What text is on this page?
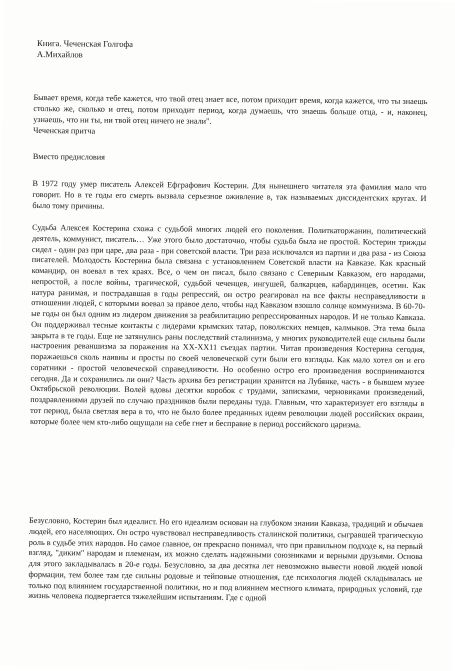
Книга. Чеченская Голгофа
А.Михайлов

Бывает время, когда тебе кажется, что твой отец знает все, потом приходит время, когда кажется, что ты знаешь столько же, сколько и отец, потом приходит период, когда думаешь, что знаешь больше отца, - и, наконец, узнаешь, что ни ты, ни твой отец ничего не знали".

Чеченская притча
Вместо предисловия

В 1972 году умер писатель Алексей Ефграфович Костерин. Для нынешнего читателя эта фамилия мало что говорит. Но в те годы его смерть вызвала серьезное оживление в, так называемых диссидентских кругах. И было тому причины.

Судьба Алексея Костерина схожа с судьбой многих людей его поколения. Политкаторжанин, политический деятель, коммунист, писатель… Уже этого было достаточно, чтобы судьба была не простой. Костерин трижды сидел - один раз при царе, два раза - при советской власти. Три раза исключался из партии и два раза - из Союза писателей. Молодость Костерина была связана с установлением Советской власти на Кавказе. Как красный командир, он воевал в тех краях. Все, о чем он писал, было связано с Северным Кавказом, его народами, непростой, а после войны, трагической, судьбой чеченцев, ингушей, балкарцев, кабардинцев, осетин. Как натура ранимая, и пострадавшая в годы репрессий, он остро реагировал на все факты несправедливости в отношении людей, с которыми воевал за правое дело, чтобы над Кавказом взошло солнце коммунизма. В 60-70-ые годы он был одним из лидером движения за реабилитацию репрессированных народов. И не только Кавказа. Он поддерживал тесные контакты с лидерами крымских татар, поволжских немцев, калмыков. Эта тема была закрыта в те годы. Еще не затянулись раны последствий сталинизма, у многих руководителей еще сильны были настроения реваншизма за поражения на XX-XX11 съездах партии. Читая произведения Костерина сегодня, поражаешься сколь наивны и просты по своей человеческой сути были его взгляды. Как мало хотел он и его соратники - простой человеческой справедливости. Но особенно остро его произведения воспринимаются сегодня. Да и сохранились ли они? Часть архива без регистрации хранится на Лубянке, часть - в бывшем музее Октябрьской революции. Волей вдовы десятки коробок с трудами, записками, черновиками произведений, поздравлениями друзей по случаю праздников были переданы туда. Главным, что характеризует его взгляды в тот период, была светлая вера в то, что не было более преданных идеям революции людей российских окраин, которые более чем кто-либо ощущали на себе гнет и бесправие в период российского царизма.

Безусловно, Костерин был идеалист. Но его идеализм основан на глубоком знании Кавказа, традиций и обычаев людей, его населяющих. Он остро чувствовал несправедливость сталинской политики, сыгравшей трагическую роль в судьбе этих народов. Но самое главное, он прекрасно понимал, что при правильном подходе к, на первый взгляд, "диким" народам и племенам, их можно сделать надежными союзниками и верными друзьями. Основа для этого закладывалась в 20-е годы. Безусловно, за два десятка лет невозможно вывести новой людей новой формации, тем более там где сильны родовые и тейповые отношения, где психология людей складывалась не только под влиянием государственной политики, но и под влиянием местного климата, природных условий, где жизнь человека подвергается тяжелейшим испытаниям. Где с одной
